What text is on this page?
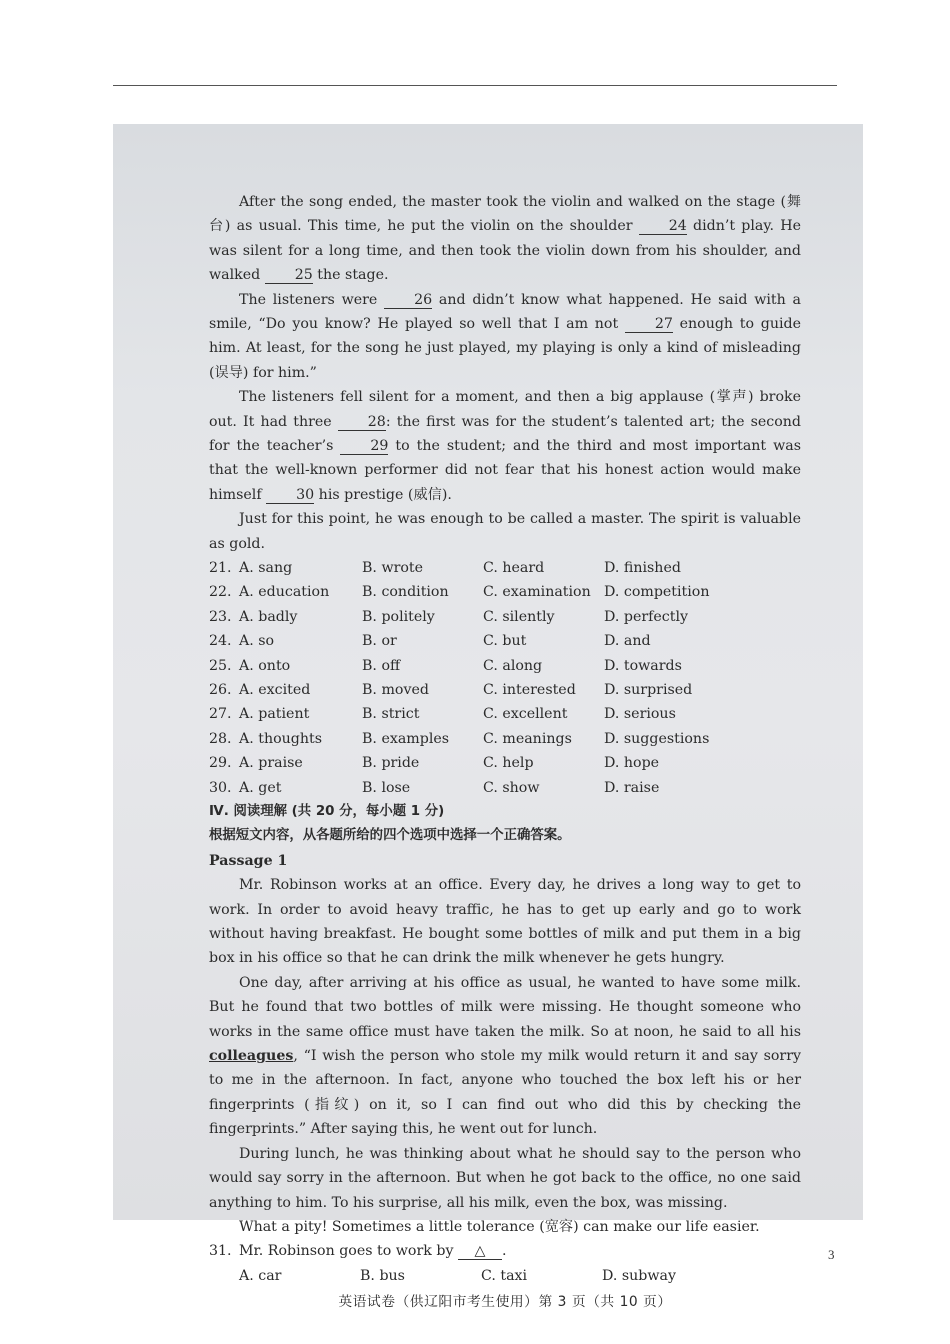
After the song ended, the master took the violin and walked on the stage (舞台) as usual. This time, he put the violin on the shoulder 24 didn’t play. He was silent for a long time, and then took the violin down from his shoulder, and walked 25 the stage.

The listeners were 26 and didn’t know what happened. He said with a smile, “Do you know? He played so well that I am not 27 enough to guide him. At least, for the song he just played, my playing is only a kind of misleading (误导) for him.”

The listeners fell silent for a moment, and then a big applause (掌声) broke out. It had three 28: the first was for the student’s talented art; the second for the teacher’s 29 to the student; and the third and most important was that the well-known performer did not fear that his honest action would make himself 30 his prestige (威信).

Just for this point, he was enough to be called a master. The spirit is valuable as gold.

21. A. sang	B. wrote	C. heard	D. finished
22. A. education	B. condition	C. examination D. competition
23. A. badly	B. politely	C. silently	D. perfectly
24. A. so	B. or	C. but	D. and
25. A. onto	B. off	C. along	D. towards
26. A. excited	B. moved	C. interested	D. surprised
27. A. patient	B. strict	C. excellent	D. serious
28. A. thoughts	B. examples	C. meanings	D. suggestions
29. A. praise	B. pride	C. help	D. hope
30. A. get	B. lose	C. show	D. raise

Ⅳ. 阅读理解 (共 20 分，每小题 1 分)

根据短文内容，从各题所给的四个选项中选择一个正确答案。

Passage 1

Mr. Robinson works at an office. Every day, he drives a long way to get to work. In order to avoid heavy traffic, he has to get up early and go to work without having breakfast. He bought some bottles of milk and put them in a big box in his office so that he can drink the milk whenever he gets hungry.

One day, after arriving at his office as usual, he wanted to have some milk. But he found that two bottles of milk were missing. He thought someone who works in the same office must have taken the milk. So at noon, he said to all his colleagues, “I wish the person who stole my milk would return it and say sorry to me in the afternoon. In fact, anyone who touched the box left his or her fingerprints (指纹) on it, so I can find out who did this by checking the fingerprints.” After saying this, he went out for lunch.

During lunch, he was thinking about what he should say to the person who would say sorry in the afternoon. But when he got back to the office, no one said anything to him. To his surprise, all his milk, even the box, was missing.

What a pity! Sometimes a little tolerance (宽容) can make our life easier.

31. Mr. Robinson goes to work by △ .

A. car	B. bus	C. taxi	D. subway

英语试卷（供辽阳市考生使用）第 3 页（共 10 页）

3
